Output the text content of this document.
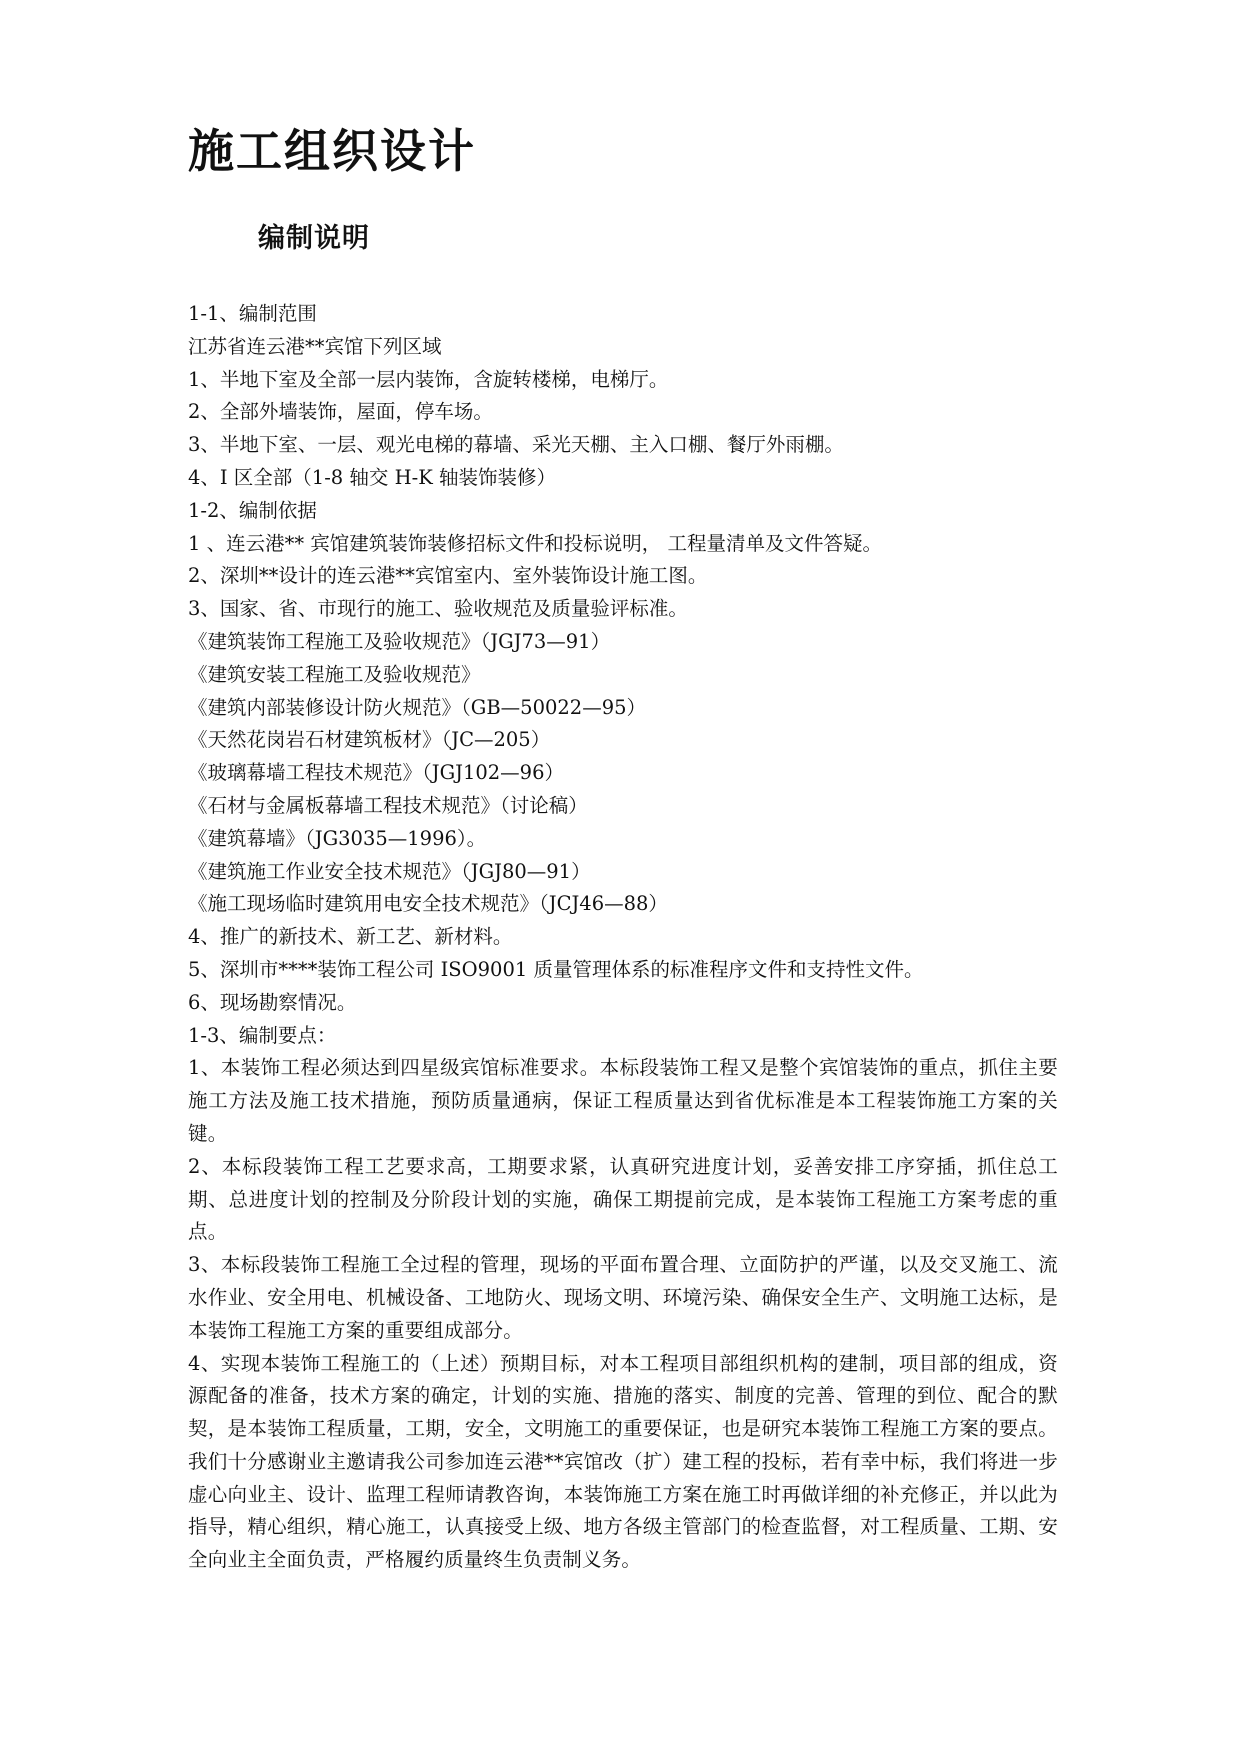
施工组织设计
编制说明
1-1、编制范围
江苏省连云港**宾馆下列区域
1、半地下室及全部一层内装饰，含旋转楼梯，电梯厅。
2、全部外墙装饰，屋面，停车场。
3、半地下室、一层、观光电梯的幕墙、采光天棚、主入口棚、餐厅外雨棚。
4、I 区全部（1-8 轴交 H-K 轴装饰装修）
1-2、编制依据
1 、连云港** 宾馆建筑装饰装修招标文件和投标说明， 工程量清单及文件答疑。
2、深圳**设计的连云港**宾馆室内、室外装饰设计施工图。
3、国家、省、市现行的施工、验收规范及质量验评标准。
《建筑装饰工程施工及验收规范》（JGJ73—91）
《建筑安装工程施工及验收规范》
《建筑内部装修设计防火规范》（GB—50022—95）
《天然花岗岩石材建筑板材》（JC—205）
《玻璃幕墙工程技术规范》（JGJ102—96）
《石材与金属板幕墙工程技术规范》（讨论稿）
《建筑幕墙》（JG3035—1996）。
《建筑施工作业安全技术规范》（JGJ80—91）
《施工现场临时建筑用电安全技术规范》（JCJ46—88）
4、推广的新技术、新工艺、新材料。
5、深圳市****装饰工程公司 ISO9001 质量管理体系的标准程序文件和支持性文件。
6、现场勘察情况。
1-3、编制要点：
1、本装饰工程必须达到四星级宾馆标准要求。本标段装饰工程又是整个宾馆装饰的重点，抓住主要施工方法及施工技术措施，预防质量通病，保证工程质量达到省优标准是本工程装饰施工方案的关键。
2、本标段装饰工程工艺要求高，工期要求紧，认真研究进度计划，妥善安排工序穿插，抓住总工期、总进度计划的控制及分阶段计划的实施，确保工期提前完成，是本装饰工程施工方案考虑的重点。
3、本标段装饰工程施工全过程的管理，现场的平面布置合理、立面防护的严谨，以及交叉施工、流水作业、安全用电、机械设备、工地防火、现场文明、环境污染、确保安全生产、文明施工达标，是本装饰工程施工方案的重要组成部分。
4、实现本装饰工程施工的（上述）预期目标，对本工程项目部组织机构的建制，项目部的组成，资源配备的准备，技术方案的确定，计划的实施、措施的落实、制度的完善、管理的到位、配合的默契，是本装饰工程质量，工期，安全，文明施工的重要保证，也是研究本装饰工程施工方案的要点。我们十分感谢业主邀请我公司参加连云港**宾馆改（扩）建工程的投标，若有幸中标，我们将进一步虚心向业主、设计、监理工程师请教咨询，本装饰施工方案在施工时再做详细的补充修正，并以此为指导，精心组织，精心施工，认真接受上级、地方各级主管部门的检查监督，对工程质量、工期、安全向业主全面负责，严格履约质量终生负责制义务。
